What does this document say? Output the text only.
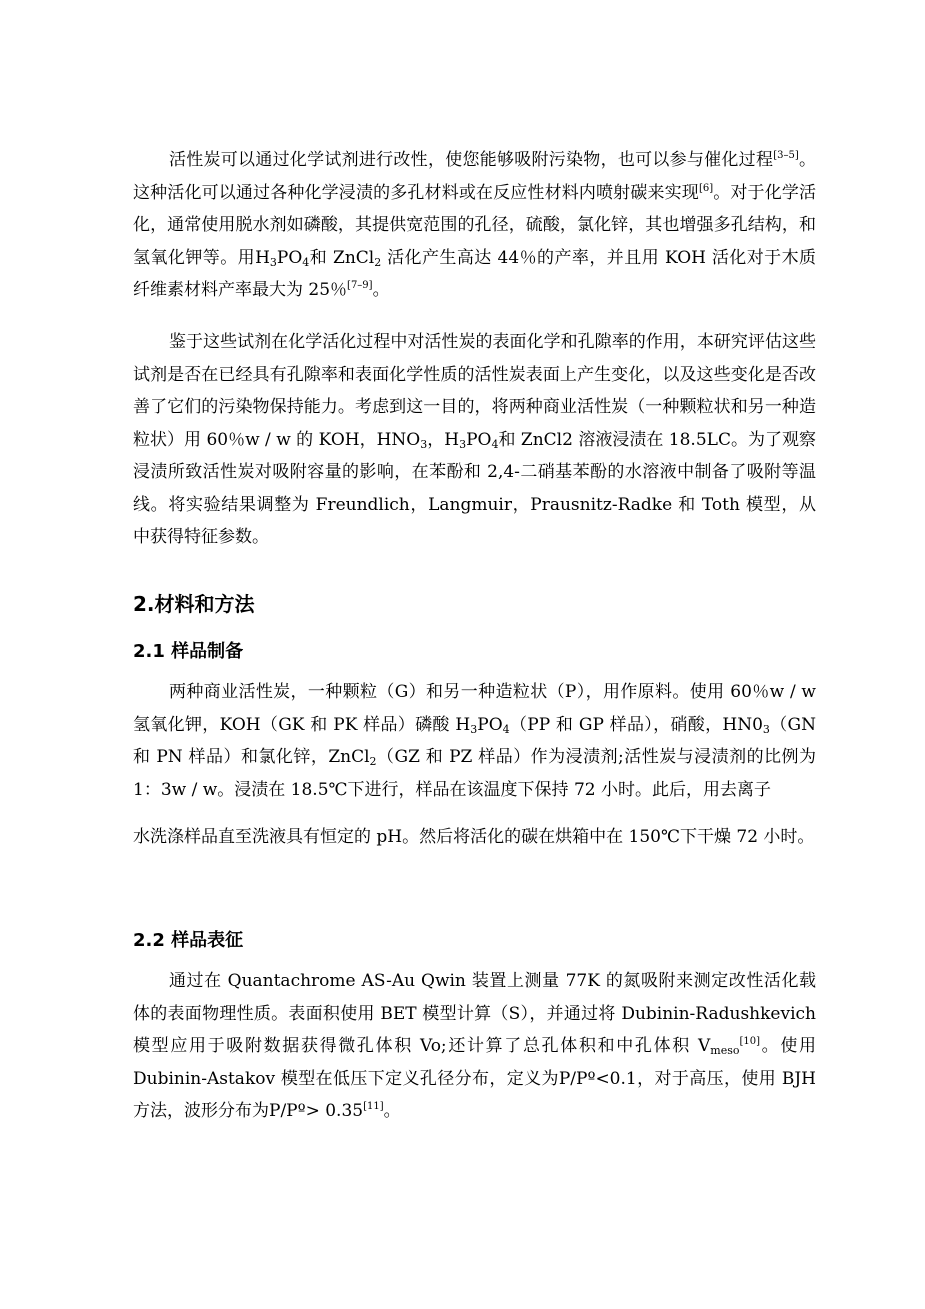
活性炭可以通过化学试剂进行改性，使您能够吸附污染物，也可以参与催化过程[3–5]。这种活化可以通过各种化学浸渍的多孔材料或在反应性材料内喷射碳来实现[6]。对于化学活化，通常使用脱水剂如磷酸，其提供宽范围的孔径，硫酸，氯化锌，其也增强多孔结构，和氢氧化钾等。用$H_3PO_4$和 ZnCl$_2$ 活化产生高达 44％的产率，并且用 KOH 活化对于木质纤维素材料产率最大为 25％[7–9]。

鉴于这些试剂在化学活化过程中对活性炭的表面化学和孔隙率的作用，本研究评估这些试剂是否在已经具有孔隙率和表面化学性质的活性炭表面上产生变化，以及这些变化是否改善了它们的污染物保持能力。考虑到这一目的，将两种商业活性炭（一种颗粒状和另一种造粒状）用 60％w / w 的 KOH，$HNO_3$，$H_3PO_4$和 ZnCl2 溶液浸渍在 18.5LC。为了观察浸渍所致活性炭对吸附容量的影响，在苯酚和 2,4-二硝基苯酚的水溶液中制备了吸附等温线。将实验结果调整为 Freundlich，Langmuir，Prausnitz-Radke 和 Toth 模型，从中获得特征参数。

2.材料和方法
2.1 样品制备

两种商业活性炭，一种颗粒（G）和另一种造粒状（P），用作原料。使用 60％w / w 氢氧化钾，KOH（GK 和 PK 样品）磷酸 $H_3PO_4(PP$ 和 GP 样品），硝酸，$HN0_3(GN$ 和 PN 样品）和氯化锌，ZnCl$_2$（GZ 和 PZ 样品）作为浸渍剂;活性炭与浸渍剂的比例为 1：3w / w。浸渍在 18.5℃下进行，样品在该温度下保持 72 小时。此后，用去离子

水洗涤样品直至洗液具有恒定的 pH。然后将活化的碳在烘箱中在 150℃下干燥 72 小时。

2.2 样品表征

通过在 Quantachrome AS-Au Qwin 装置上测量 77K 的氮吸附来测定改性活化载体的表面物理性质。表面积使用 BET 模型计算（S），并通过将 Dubinin-Radushkevich 模型应用于吸附数据获得微孔体积 Vo;还计算了总孔体积和中孔体积 $V_{meso}[10]$。使用 Dubinin-Astakov 模型在低压下定义孔径分布，定义为P/Pº<0.1，对于高压，使用 BJH 方法，波形分布为P/Pº> 0.35[11]。
